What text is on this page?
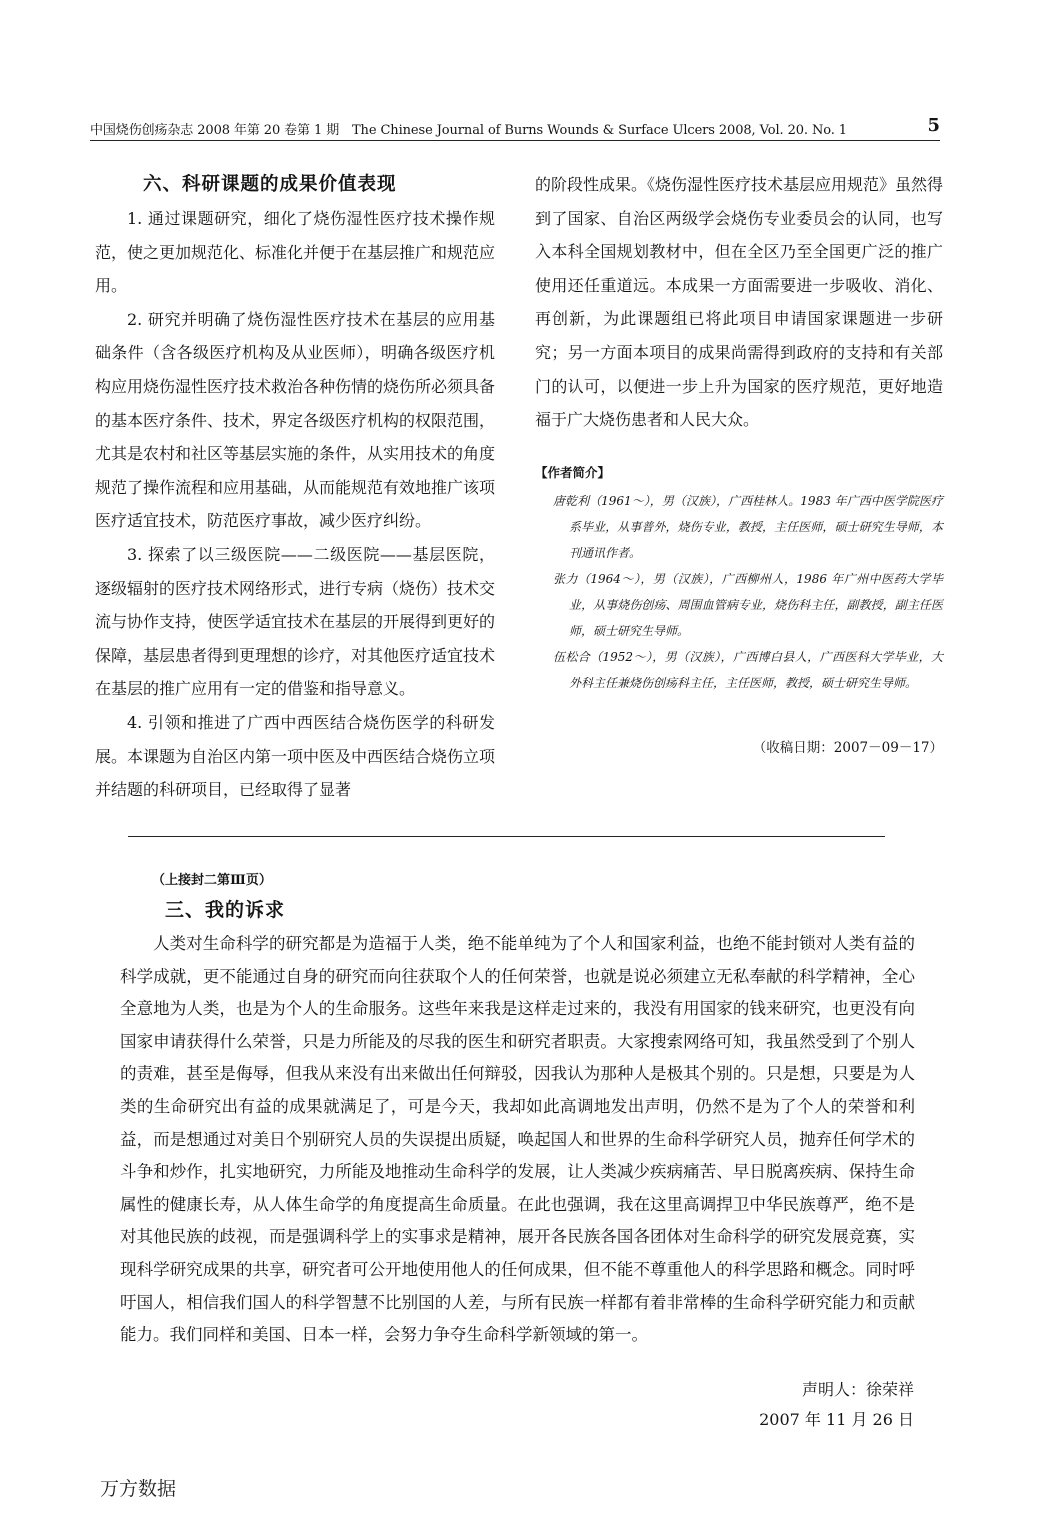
中国烧伤创疡杂志 2008 年第 20 卷第 1 期　The Chinese Journal of Burns Wounds & Surface Ulcers 2008, Vol. 20. No. 1	5
六、科研课题的成果价值表现

1. 通过课题研究，细化了烧伤湿性医疗技术操作规范，使之更加规范化、标准化并便于在基层推广和规范应用。

2. 研究并明确了烧伤湿性医疗技术在基层的应用基础条件（含各级医疗机构及从业医师），明确各级医疗机构应用烧伤湿性医疗技术救治各种伤情的烧伤所必须具备的基本医疗条件、技术，界定各级医疗机构的权限范围，尤其是农村和社区等基层实施的条件，从实用技术的角度规范了操作流程和应用基础，从而能规范有效地推广该项医疗适宜技术，防范医疗事故，减少医疗纠纷。

3. 探索了以三级医院——二级医院——基层医院，逐级辐射的医疗技术网络形式，进行专病（烧伤）技术交流与协作支持，使医学适宜技术在基层的开展得到更好的保障，基层患者得到更理想的诊疗，对其他医疗适宜技术在基层的推广应用有一定的借鉴和指导意义。

4. 引领和推进了广西中西医结合烧伤医学的科研发展。本课题为自治区内第一项中医及中西医结合烧伤立项并结题的科研项目，已经取得了显著

的阶段性成果。《烧伤湿性医疗技术基层应用规范》虽然得到了国家、自治区两级学会烧伤专业委员会的认同，也写入本科全国规划教材中，但在全区乃至全国更广泛的推广使用还任重道远。本成果一方面需要进一步吸收、消化、再创新，为此课题组已将此项目申请国家课题进一步研究；另一方面本项目的成果尚需得到政府的支持和有关部门的认可，以便进一步上升为国家的医疗规范，更好地造福于广大烧伤患者和人民大众。

【作者简介】
唐乾利（1961～），男（汉族），广西桂林人。1983 年广西中医学院医疗系毕业，从事普外，烧伤专业，教授，主任医师，硕士研究生导师，本刊通讯作者。
张力（1964～），男（汉族），广西柳州人，1986 年广州中医药大学毕业，从事烧伤创疡、周围血管病专业，烧伤科主任，副教授，副主任医师，硕士研究生导师。
伍松合（1952～），男（汉族），广西博白县人，广西医科大学毕业，大外科主任兼烧伤创疡科主任，主任医师，教授，硕士研究生导师。
（收稿日期：2007－09－17）
（上接封二第Ⅲ页）
三、我的诉求

人类对生命科学的研究都是为造福于人类，绝不能单纯为了个人和国家利益，也绝不能封锁对人类有益的科学成就，更不能通过自身的研究而向往获取个人的任何荣誉，也就是说必须建立无私奉献的科学精神，全心全意地为人类，也是为个人的生命服务。这些年来我是这样走过来的，我没有用国家的钱来研究，也更没有向国家申请获得什么荣誉，只是力所能及的尽我的医生和研究者职责。大家搜索网络可知，我虽然受到了个别人的责难，甚至是侮辱，但我从来没有出来做出任何辩驳，因我认为那种人是极其个别的。只是想，只要是为人类的生命研究出有益的成果就满足了，可是今天，我却如此高调地发出声明，仍然不是为了个人的荣誉和利益，而是想通过对美日个别研究人员的失误提出质疑，唤起国人和世界的生命科学研究人员，抛弃任何学术的斗争和炒作，扎实地研究，力所能及地推动生命科学的发展，让人类减少疾病痛苦、早日脱离疾病、保持生命属性的健康长寿，从人体生命学的角度提高生命质量。在此也强调，我在这里高调捍卫中华民族尊严，绝不是对其他民族的歧视，而是强调科学上的实事求是精神，展开各民族各国各团体对生命科学的研究发展竞赛，实现科学研究成果的共享，研究者可公开地使用他人的任何成果，但不能不尊重他人的科学思路和概念。同时呼吁国人，相信我们国人的科学智慧不比别国的人差，与所有民族一样都有着非常棒的生命科学研究能力和贡献能力。我们同样和美国、日本一样，会努力争夺生命科学新领域的第一。

声明人：徐荣祥
2007 年 11 月 26 日
万方数据
